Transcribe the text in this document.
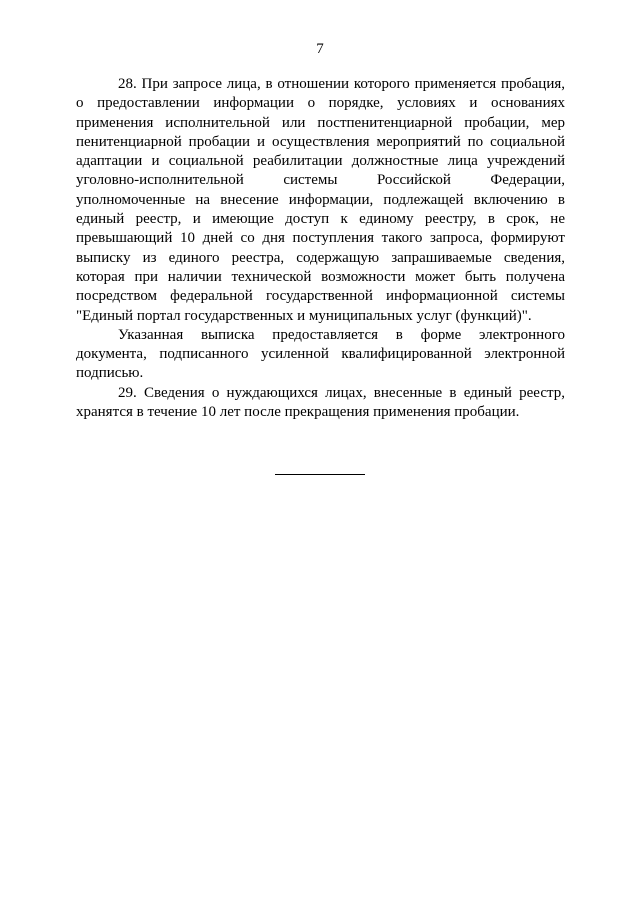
7

28. При запросе лица, в отношении которого применяется пробация, о предоставлении информации о порядке, условиях и основаниях применения исполнительной или постпенитенциарной пробации, мер пенитенциарной пробации и осуществления мероприятий по социальной адаптации и социальной реабилитации должностные лица учреждений уголовно-исполнительной системы Российской Федерации, уполномоченные на внесение информации, подлежащей включению в единый реестр, и имеющие доступ к единому реестру, в срок, не превышающий 10 дней со дня поступления такого запроса, формируют выписку из единого реестра, содержащую запрашиваемые сведения, которая при наличии технической возможности может быть получена посредством федеральной государственной информационной системы "Единый портал государственных и муниципальных услуг (функций)".

Указанная выписка предоставляется в форме электронного документа, подписанного усиленной квалифицированной электронной подписью.

29. Сведения о нуждающихся лицах, внесенные в единый реестр, хранятся в течение 10 лет после прекращения применения пробации.
